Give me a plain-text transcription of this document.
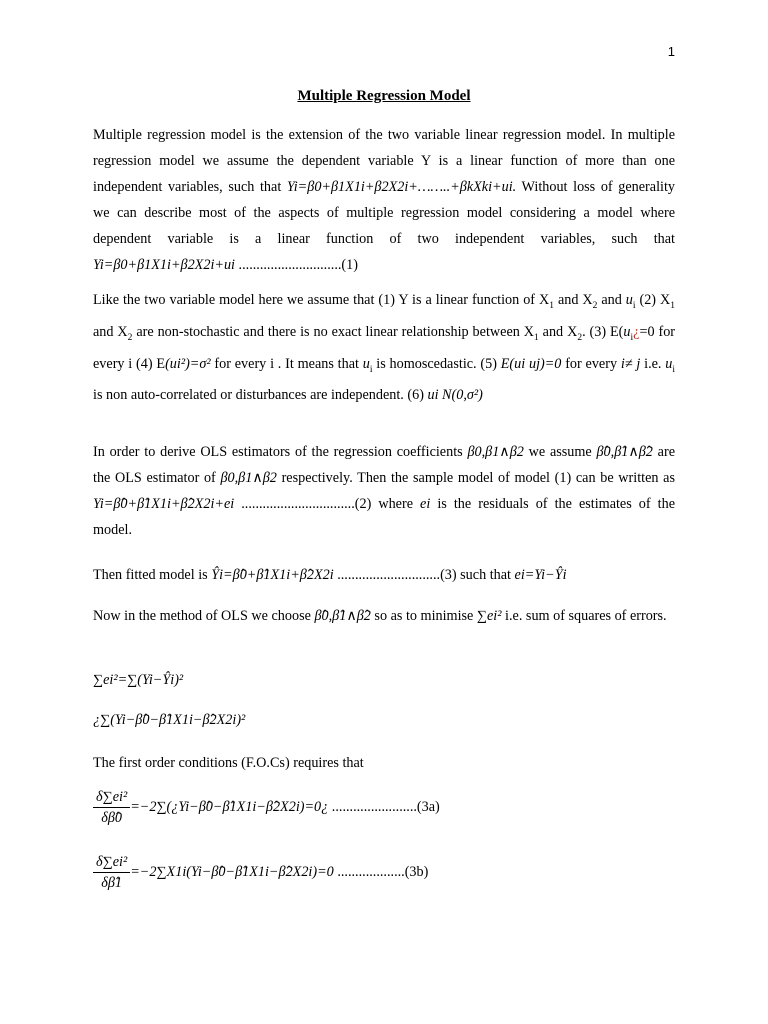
1
Multiple Regression Model
Multiple regression model is the extension of the two variable linear regression model. In multiple regression model we assume the dependent variable Y is a linear function of more than one independent variables, such that Yi=β0+β1X1i+β2X2i+……..+βkXki+ui. Without loss of generality we can describe most of the aspects of multiple regression model considering a model where dependent variable is a linear function of two independent variables, such that Yi=β0+β1X1i+β2X2i+ui .............................(1)
Like the two variable model here we assume that (1) Y is a linear function of $X_1$ and $X_2$ and $u_i$ (2) $X_1$ and $X_2$ are non-stochastic and there is no exact linear relationship between $X_1$ and $X_2$. (3) $E(u_i¿=0$ for every i (4) E(ui²)=σ² for every i . It means that $u_i$ is homoscedastic. (5) E(ui uj)=0 for every i≠ j i.e. $u_i$ is non auto-correlated or disturbances are independent. (6) ui N(0,σ²)
In order to derive OLS estimators of the regression coefficients β0,β1∧β2 we assume β̂0,β̂1∧β̂2 are the OLS estimator of β0,β1∧β2 respectively. Then the sample model of model (1) can be written as Yi=β̂0+β̂1X1i+β̂2X2i+ei ................................(2) where ei is the residuals of the estimates of the model.
Then fitted model is Ŷi=β̂0+β̂1X1i+β̂2X2i .............................(3) such that ei=Yi−Ŷi
Now in the method of OLS we choose β̂0,β̂1∧β̂2 so as to minimise ∑ei² i.e. sum of squares of errors.
∑ei²=∑(Yi−Ŷi)²
¿∑(Yi−β̂0−β̂1X1i−β̂2X2i)²
The first order conditions (F.O.Cs) requires that
$\frac{\text{δ∑ei²}}{\delta\betâ0}$ =−2∑(¿Yi−β̂0−β̂1X1i−β̂2X2i)=0¿ ........................(3a)
$\frac{\text{δ∑ei²}}{\delta\betâ1}$ =−2∑X1i(Yi−β̂0−β̂1X1i−β̂2X2i)=0 ...................(3b)
